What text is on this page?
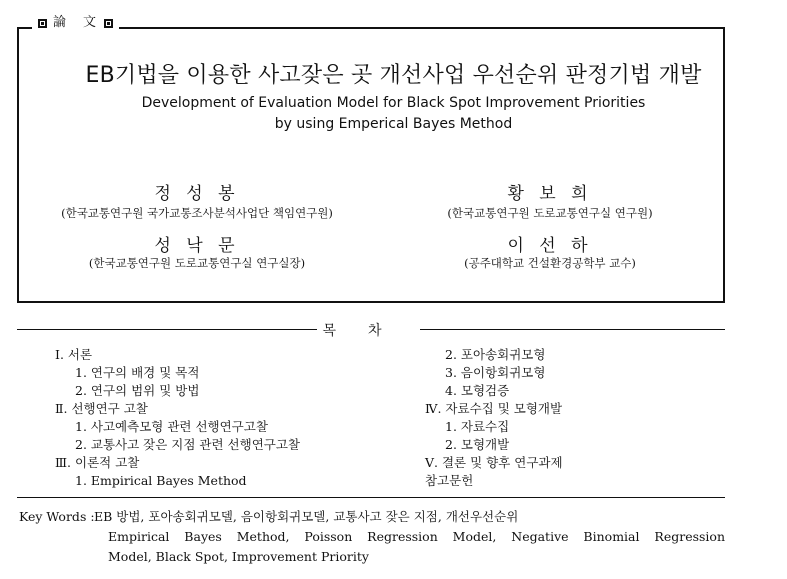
論　文
EB기법을 이용한 사고잦은 곳 개선사업 우선순위 판정기법 개발
Development of Evaluation Model for Black Spot Improvement Priorities
by using Emperical Bayes Method
정 성 봉
(한국교통연구원 국가교통조사분석사업단 책임연구원)
황 보 희
(한국교통연구원 도로교통연구실 연구원)
성 낙 문
(한국교통연구원 도로교통연구실 연구실장)
이 선 하
(공주대학교 건설환경공학부 교수)
목차
Ⅰ. 서론
1. 연구의 배경 및 목적
2. 연구의 범위 및 방법
Ⅱ. 선행연구 고찰
1. 사고예측모형 관련 선행연구고찰
2. 교통사고 잦은 지점 관련 선행연구고찰
Ⅲ. 이론적 고찰
1. Empirical Bayes Method
2. 포아송회귀모형
3. 음이항회귀모형
4. 모형검증
Ⅳ. 자료수집 및 모형개발
1. 자료수집
2. 모형개발
Ⅴ. 결론 및 향후 연구과제
참고문헌
Key Words : EB 방법, 포아송회귀모델, 음이항회귀모델, 교통사고 잦은 지점, 개선우선순위
Empirical Bayes Method, Poisson Regression Model, Negative Binomial Regression
Model, Black Spot, Improvement Priority
